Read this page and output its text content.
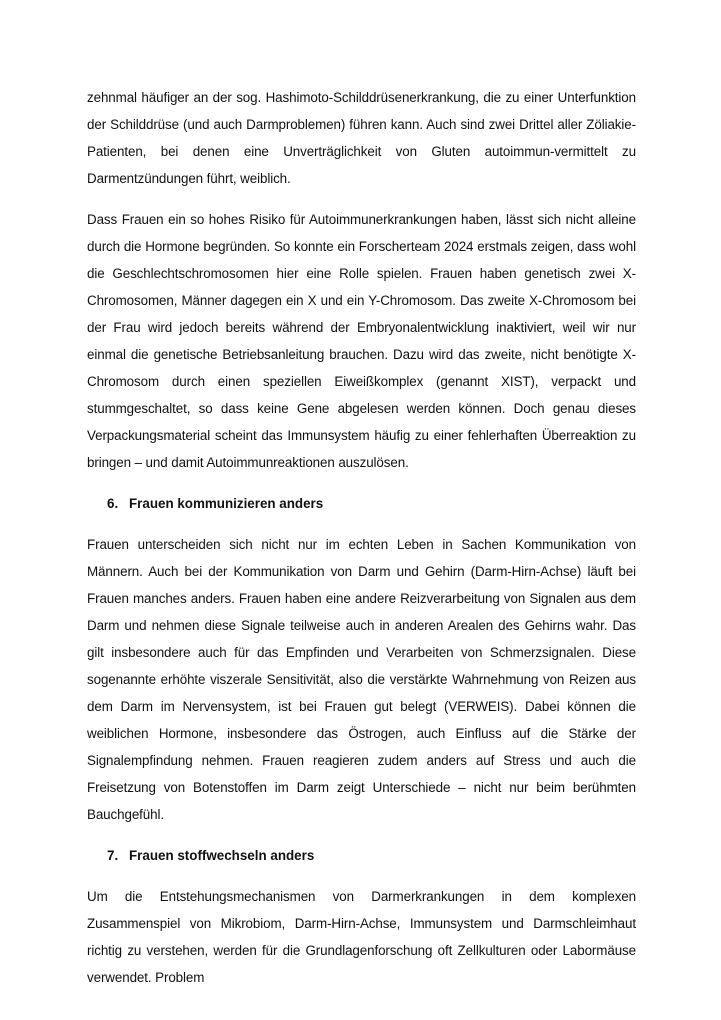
zehnmal häufiger an der sog. Hashimoto-Schilddrüsenerkrankung, die zu einer Unterfunktion der Schilddrüse (und auch Darmproblemen) führen kann. Auch sind zwei Drittel aller Zöliakie-Patienten, bei denen eine Unverträglichkeit von Gluten autoimmun-vermittelt zu Darmentzündungen führt, weiblich.

Dass Frauen ein so hohes Risiko für Autoimmunerkrankungen haben, lässt sich nicht alleine durch die Hormone begründen. So konnte ein Forscherteam 2024 erstmals zeigen, dass wohl die Geschlechtschromosomen hier eine Rolle spielen. Frauen haben genetisch zwei X-Chromosomen, Männer dagegen ein X und ein Y-Chromosom. Das zweite X-Chromosom bei der Frau wird jedoch bereits während der Embryonalentwicklung inaktiviert, weil wir nur einmal die genetische Betriebsanleitung brauchen. Dazu wird das zweite, nicht benötigte X-Chromosom durch einen speziellen Eiweißkomplex (genannt XIST), verpackt und stummgeschaltet, so dass keine Gene abgelesen werden können. Doch genau dieses Verpackungsmaterial scheint das Immunsystem häufig zu einer fehlerhaften Überreaktion zu bringen – und damit Autoimmunreaktionen auszulösen.

6. Frauen kommunizieren anders

Frauen unterscheiden sich nicht nur im echten Leben in Sachen Kommunikation von Männern. Auch bei der Kommunikation von Darm und Gehirn (Darm-Hirn-Achse) läuft bei Frauen manches anders. Frauen haben eine andere Reizverarbeitung von Signalen aus dem Darm und nehmen diese Signale teilweise auch in anderen Arealen des Gehirns wahr. Das gilt insbesondere auch für das Empfinden und Verarbeiten von Schmerzsignalen. Diese sogenannte erhöhte viszerale Sensitivität, also die verstärkte Wahrnehmung von Reizen aus dem Darm im Nervensystem, ist bei Frauen gut belegt (VERWEIS). Dabei können die weiblichen Hormone, insbesondere das Östrogen, auch Einfluss auf die Stärke der Signalempfindung nehmen. Frauen reagieren zudem anders auf Stress und auch die Freisetzung von Botenstoffen im Darm zeigt Unterschiede – nicht nur beim berühmten Bauchgefühl.

7. Frauen stoffwechseln anders

Um die Entstehungsmechanismen von Darmerkrankungen in dem komplexen Zusammenspiel von Mikrobiom, Darm-Hirn-Achse, Immunsystem und Darmschleimhaut richtig zu verstehen, werden für die Grundlagenforschung oft Zellkulturen oder Labormäuse verwendet. Problem
